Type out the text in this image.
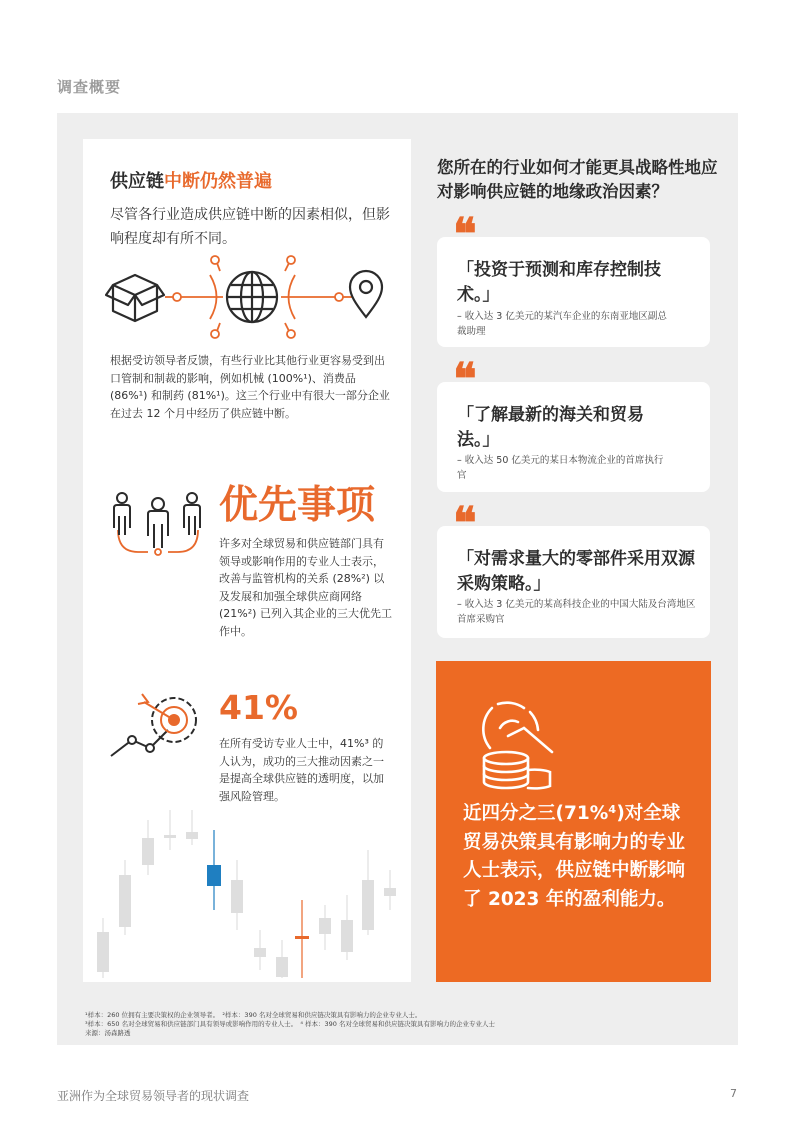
调查概要
供应链中断仍然普遍
尽管各行业造成供应链中断的因素相似，但影响程度却有所不同。
根据受访领导者反馈，有些行业比其他行业更容易受到出口管制和制裁的影响，例如机械 (100%¹)、消费品 (86%¹) 和制药 (81%¹)。这三个行业中有很大一部分企业在过去 12 个月中经历了供应链中断。
优先事项
许多对全球贸易和供应链部门具有领导或影响作用的专业人士表示，改善与监管机构的关系 (28%²) 以及发展和加强全球供应商网络 (21%²) 已列入其企业的三大优先工作中。
41%
在所有受访专业人士中，41%³ 的人认为，成功的三大推动因素之一是提高全球供应链的透明度，以加强风险管理。
您所在的行业如何才能更具战略性地应对影响供应链的地缘政治因素？
❝
「投资于预测和库存控制技术。」
– 收入达 3 亿美元的某汽车企业的东南亚地区副总裁助理
❝
「了解最新的海关和贸易法。」
– 收入达 50 亿美元的某日本物流企业的首席执行官
❝
「对需求量大的零部件采用双源采购策略。」
– 收入达 3 亿美元的某高科技企业的中国大陆及台湾地区首席采购官
近四分之三(71%⁴)对全球贸易决策具有影响力的专业人士表示，供应链中断影响了 2023 年的盈利能力。
¹样本：260 位拥有主要决策权的企业领导者。　²样本：390 名对全球贸易和供应链决策具有影响力的企业专业人士。
³样本：650 名对全球贸易和供应链部门具有领导或影响作用的专业人士。　⁴ 样本：390 名对全球贸易和供应链决策具有影响力的企业专业人士
来源：汤森路透
亚洲作为全球贸易领导者的现状调查	7
